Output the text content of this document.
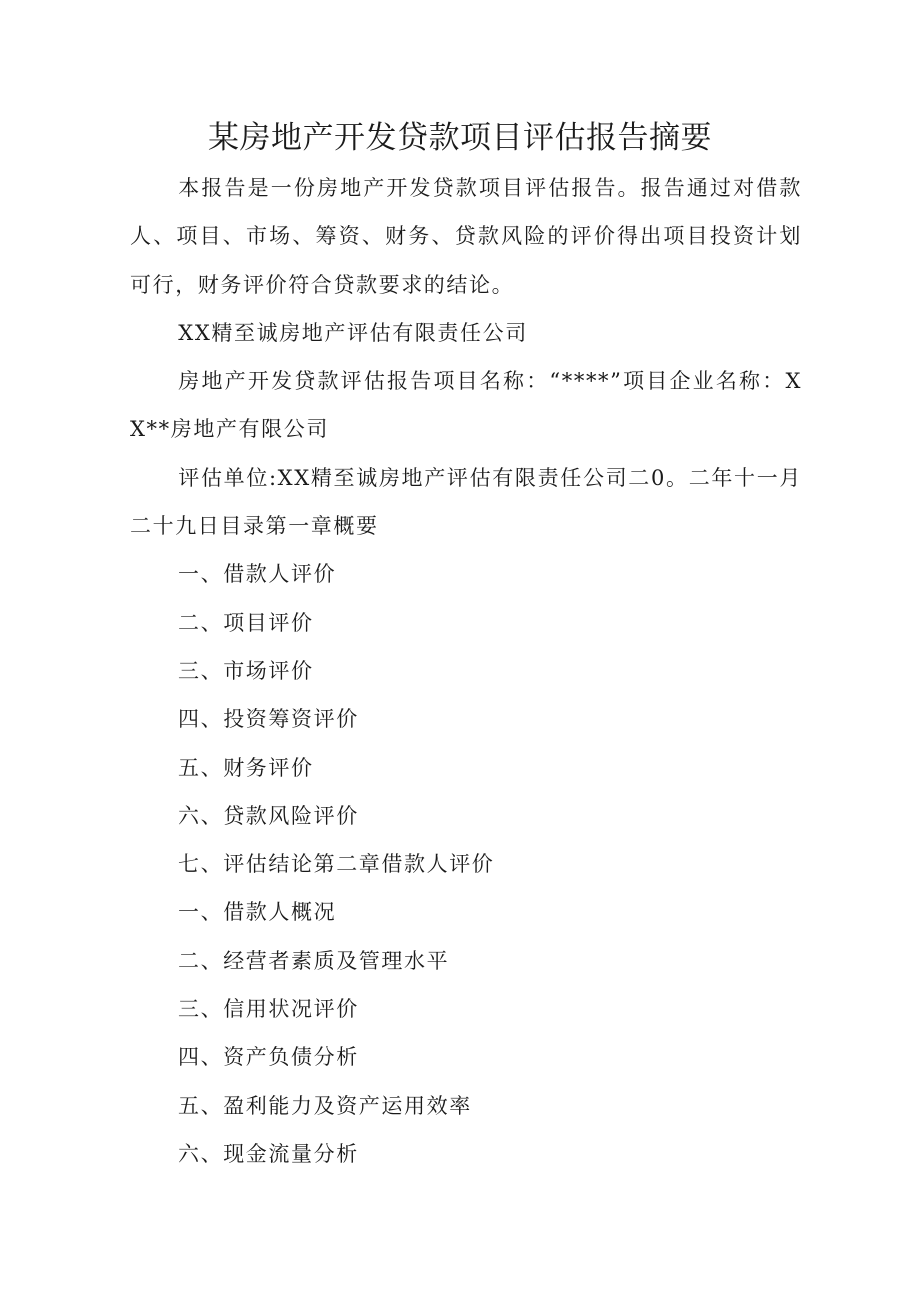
某房地产开发贷款项目评估报告摘要

本报告是一份房地产开发贷款项目评估报告。报告通过对借款人、项目、市场、筹资、财务、贷款风险的评价得出项目投资计划可行，财务评价符合贷款要求的结论。

XX精至诚房地产评估有限责任公司

房地产开发贷款评估报告项目名称：“****”项目企业名称：XX**房地产有限公司

评估单位:XX精至诚房地产评估有限责任公司二0。二年十一月二十九日目录第一章概要

一、借款人评价
二、项目评价
三、市场评价
四、投资筹资评价
五、财务评价
六、贷款风险评价
七、评估结论第二章借款人评价
一、借款人概况
二、经营者素质及管理水平
三、信用状况评价
四、资产负债分析
五、盈利能力及资产运用效率
六、现金流量分析
